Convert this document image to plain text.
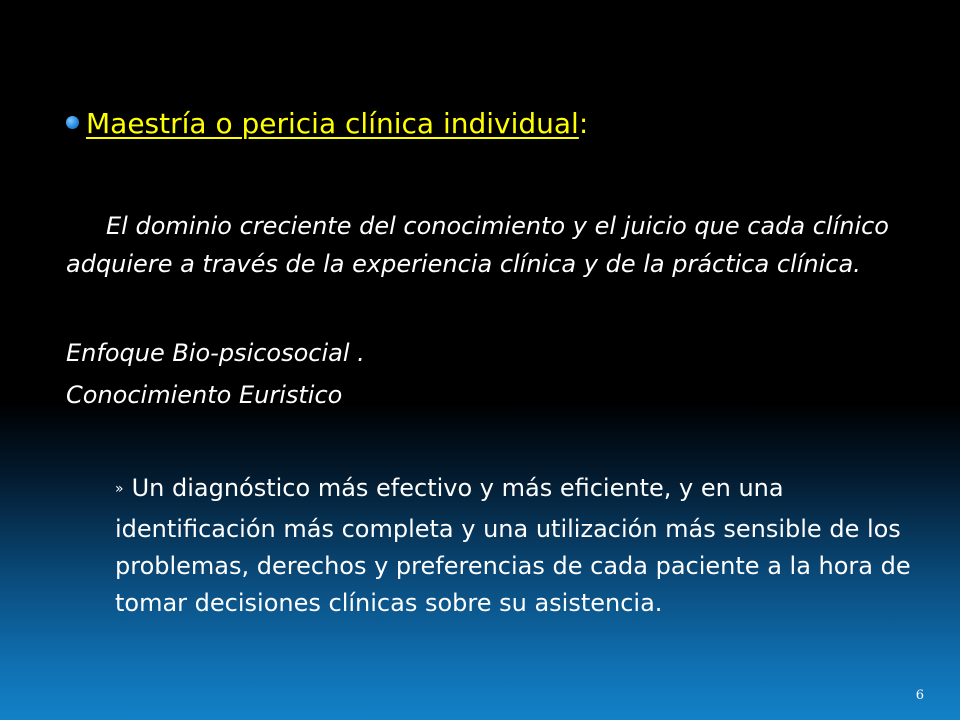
Maestría o pericia clínica individual:
El dominio creciente del conocimiento y el juicio que cada clínico adquiere a través de la experiencia clínica y de la práctica clínica.
Enfoque Bio-psicosocial .
Conocimiento Euristico
» Un diagnóstico más efectivo y más eficiente, y en una identificación más completa y una utilización más sensible de los problemas, derechos y preferencias de cada paciente a la hora de tomar decisiones clínicas sobre su asistencia.
6
